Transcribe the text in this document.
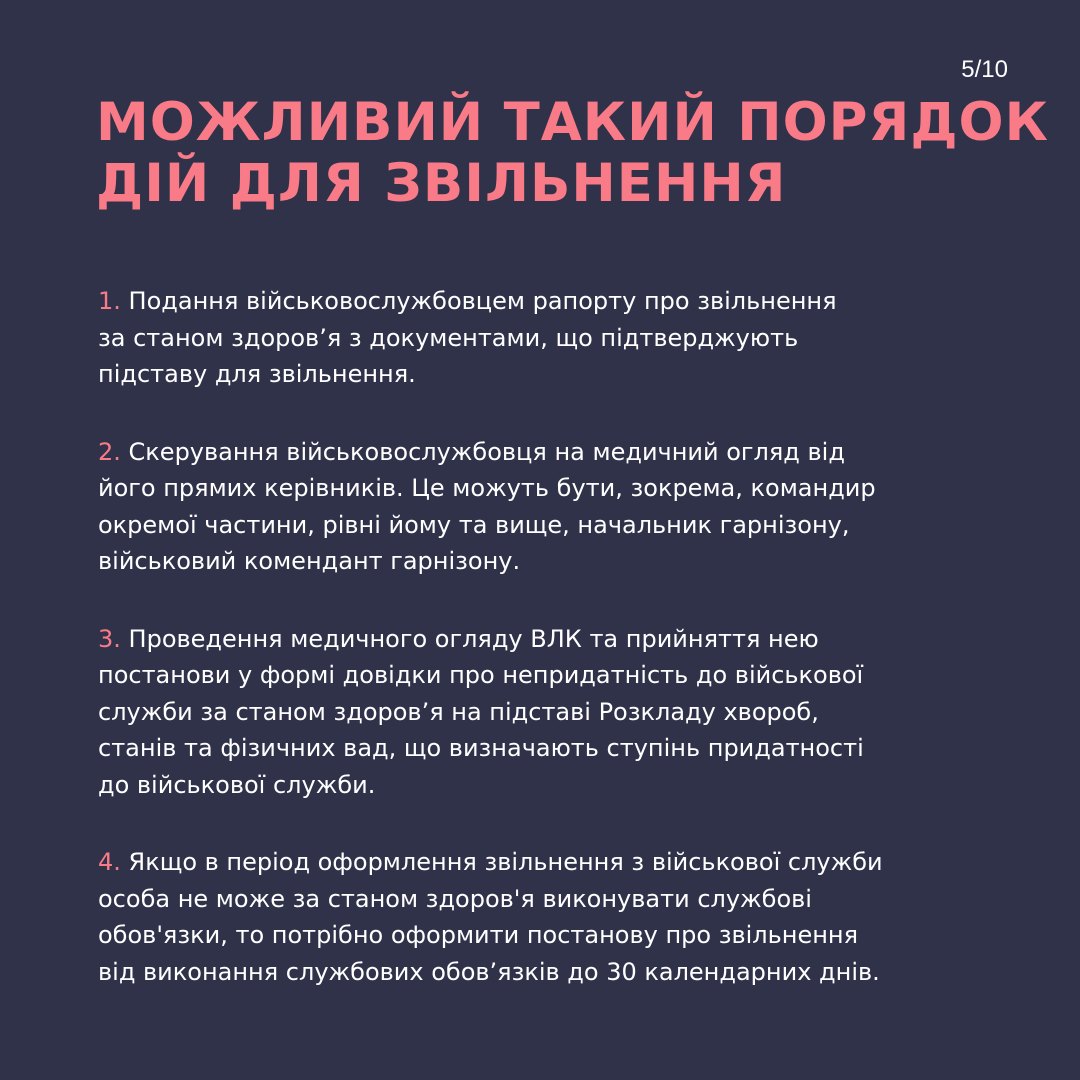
5/10
МОЖЛИВИЙ ТАКИЙ ПОРЯДОК
ДІЙ ДЛЯ ЗВІЛЬНЕННЯ
1. Подання військовослужбовцем рапорту про звільнення
за станом здоров’я з документами, що підтверджують
підставу для звільнення.
2. Скерування військовослужбовця на медичний огляд від
його прямих керівників. Це можуть бути, зокрема, командир
окремої частини, рівні йому та вище, начальник гарнізону,
військовий комендант гарнізону.
3. Проведення медичного огляду ВЛК та прийняття нею
постанови у формі довідки про непридатність до військової
служби за станом здоров’я на підставі Розкладу хвороб,
станів та фізичних вад, що визначають ступінь придатності
до військової служби.
4. Якщо в період оформлення звільнення з військової служби
особа не може за станом здоров'я виконувати службові
обов'язки, то потрібно оформити постанову про звільнення
від виконання службових обов’язків до 30 календарних днів.
